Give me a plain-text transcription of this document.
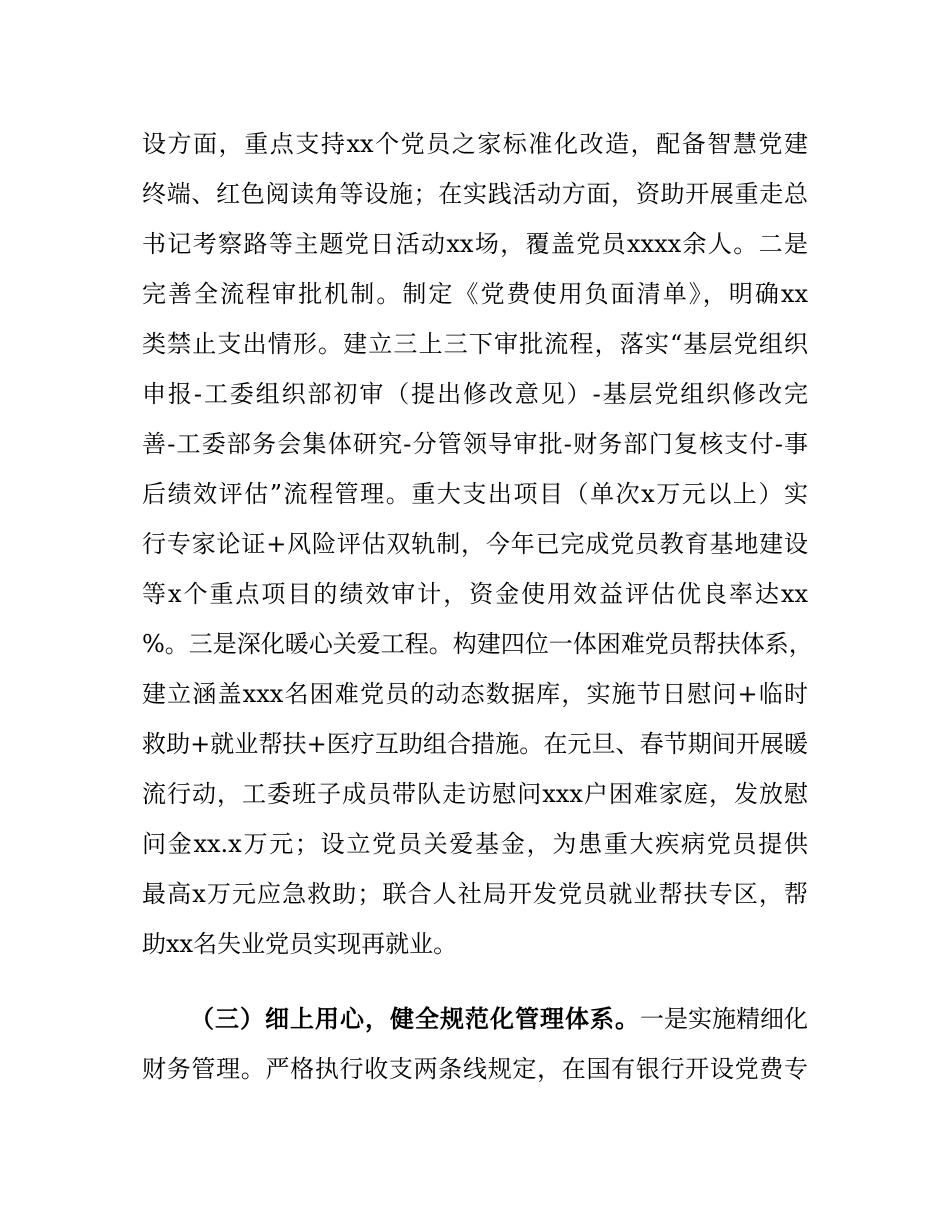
设方面，重点支持xx个党员之家标准化改造，配备智慧党建
终端、红色阅读角等设施；在实践活动方面，资助开展重走总
书记考察路等主题党日活动xx场，覆盖党员xxxx余人。二是
完善全流程审批机制。制定《党费使用负面清单》，明确xx
类禁止支出情形。建立三上三下审批流程，落实“基层党组织
申报-工委组织部初审（提出修改意见）-基层党组织修改完
善-工委部务会集体研究-分管领导审批-财务部门复核支付-事
后绩效评估”流程管理。重大支出项目（单次x万元以上）实
行专家论证+风险评估双轨制，今年已完成党员教育基地建设
等x个重点项目的绩效审计，资金使用效益评估优良率达xx
%。三是深化暖心关爱工程。构建四位一体困难党员帮扶体系，
建立涵盖xxx名困难党员的动态数据库，实施节日慰问+临时
救助+就业帮扶+医疗互助组合措施。在元旦、春节期间开展暖
流行动，工委班子成员带队走访慰问xxx户困难家庭，发放慰
问金xx.x万元；设立党员关爱基金，为患重大疾病党员提供
最高x万元应急救助；联合人社局开发党员就业帮扶专区，帮
助xx名失业党员实现再就业。
（三）细上用心，健全规范化管理体系。一是实施精细化
财务管理。严格执行收支两条线规定，在国有银行开设党费专
